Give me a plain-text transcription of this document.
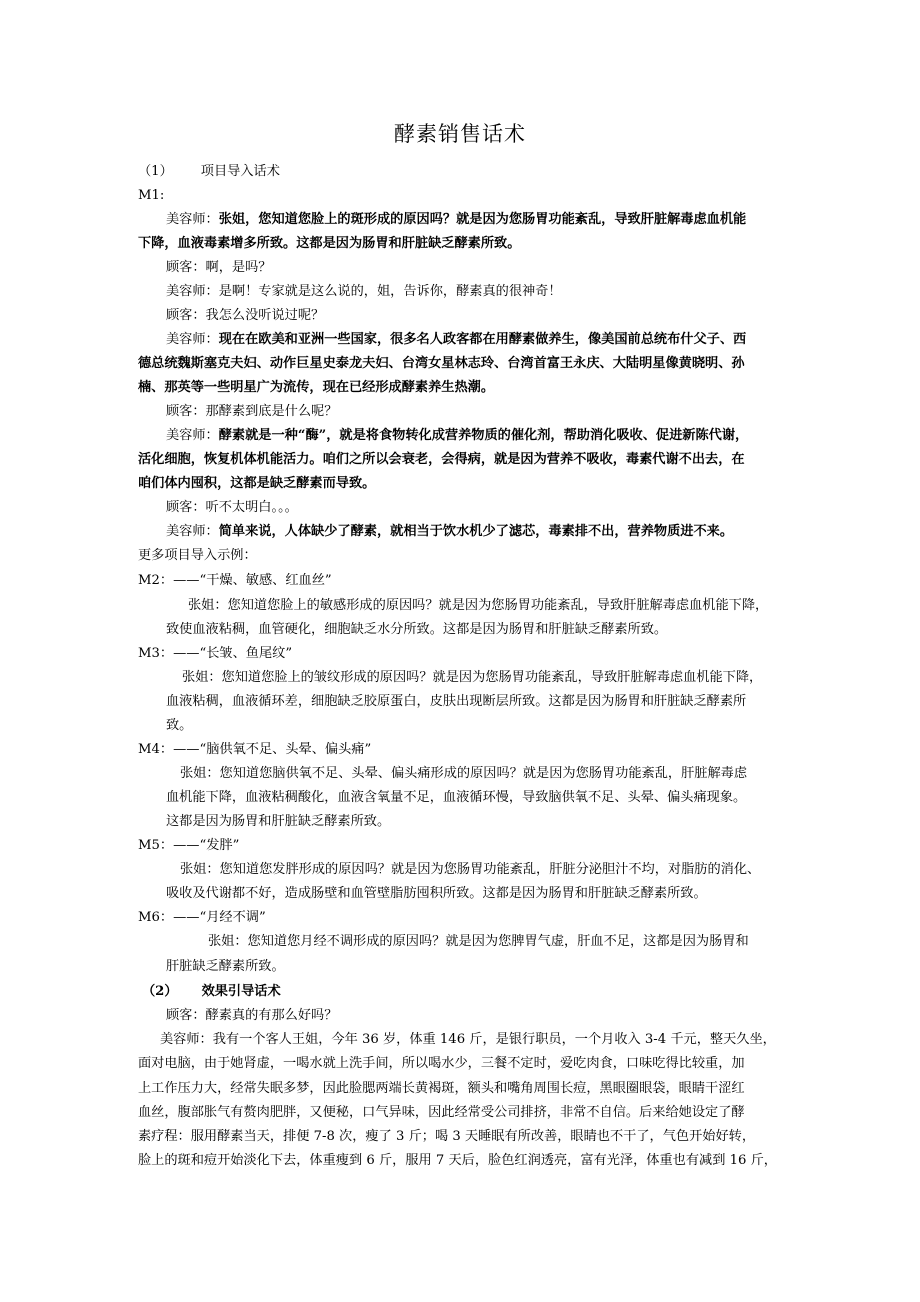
酵素销售话术
（1） 项目导入话术
M1:
美容师：张姐，您知道您脸上的斑形成的原因吗？就是因为您肠胃功能紊乱，导致肝脏解毒虑血机能
下降，血液毒素增多所致。这都是因为肠胃和肝脏缺乏酵素所致。
顾客：啊，是吗？
美容师：是啊！专家就是这么说的，姐，告诉你，酵素真的很神奇！
顾客：我怎么没听说过呢？
美容师：现在在欧美和亚洲一些国家，很多名人政客都在用酵素做养生，像美国前总统布什父子、西
德总统魏斯塞克夫妇、动作巨星史泰龙夫妇、台湾女星林志玲、台湾首富王永庆、大陆明星像黄晓明、孙
楠、那英等一些明星广为流传，现在已经形成酵素养生热潮。
顾客：那酵素到底是什么呢？
美容师：酵素就是一种“酶”，就是将食物转化成营养物质的催化剂，帮助消化吸收、促进新陈代谢，
活化细胞，恢复机体机能活力。咱们之所以会衰老，会得病，就是因为营养不吸收，毒素代谢不出去，在
咱们体内囤积，这都是缺乏酵素而导致。
顾客：听不太明白。。。
美容师：简单来说，人体缺少了酵素，就相当于饮水机少了滤芯，毒素排不出，营养物质进不来。
更多项目导入示例：
M2：——“干燥、敏感、红血丝”
张姐：您知道您脸上的敏感形成的原因吗？就是因为您肠胃功能紊乱，导致肝脏解毒虑血机能下降，
致使血液粘稠，血管硬化，细胞缺乏水分所致。这都是因为肠胃和肝脏缺乏酵素所致。
M3：——“长皱、鱼尾纹”
张姐：您知道您脸上的皱纹形成的原因吗？就是因为您肠胃功能紊乱，导致肝脏解毒虑血机能下降，
血液粘稠，血液循环差，细胞缺乏胶原蛋白，皮肤出现断层所致。这都是因为肠胃和肝脏缺乏酵素所
致。
M4：——“脑供氧不足、头晕、偏头痛”
张姐：您知道您脑供氧不足、头晕、偏头痛形成的原因吗？就是因为您肠胃功能紊乱，肝脏解毒虑
血机能下降，血液粘稠酸化，血液含氧量不足，血液循环慢，导致脑供氧不足、头晕、偏头痛现象。
这都是因为肠胃和肝脏缺乏酵素所致。
M5：——“发胖”
张姐：您知道您发胖形成的原因吗？就是因为您肠胃功能紊乱，肝脏分泌胆汁不均，对脂肪的消化、
吸收及代谢都不好，造成肠壁和血管壁脂肪囤积所致。这都是因为肠胃和肝脏缺乏酵素所致。
M6：——“月经不调”
张姐：您知道您月经不调形成的原因吗？就是因为您脾胃气虚，肝血不足，这都是因为肠胃和
肝脏缺乏酵素所致。
（2） 效果引导话术
顾客：酵素真的有那么好吗？
美容师：我有一个客人王姐，今年 36 岁，体重 146 斤，是银行职员，一个月收入 3-4 千元，整天久坐，
面对电脑，由于她肾虚，一喝水就上洗手间，所以喝水少，三餐不定时，爱吃肉食，口味吃得比较重，加
上工作压力大，经常失眠多梦，因此脸腮两端长黄褐斑，额头和嘴角周围长痘，黑眼圈眼袋，眼睛干涩红
血丝，腹部胀气有赘肉肥胖，又便秘，口气异味，因此经常受公司排挤，非常不自信。后来给她设定了酵
素疗程：服用酵素当天，排便 7-8 次，瘦了 3 斤；喝 3 天睡眠有所改善，眼睛也不干了，气色开始好转，
脸上的斑和痘开始淡化下去，体重瘦到 6 斤，服用 7 天后，脸色红润透亮，富有光泽，体重也有减到 16 斤，
